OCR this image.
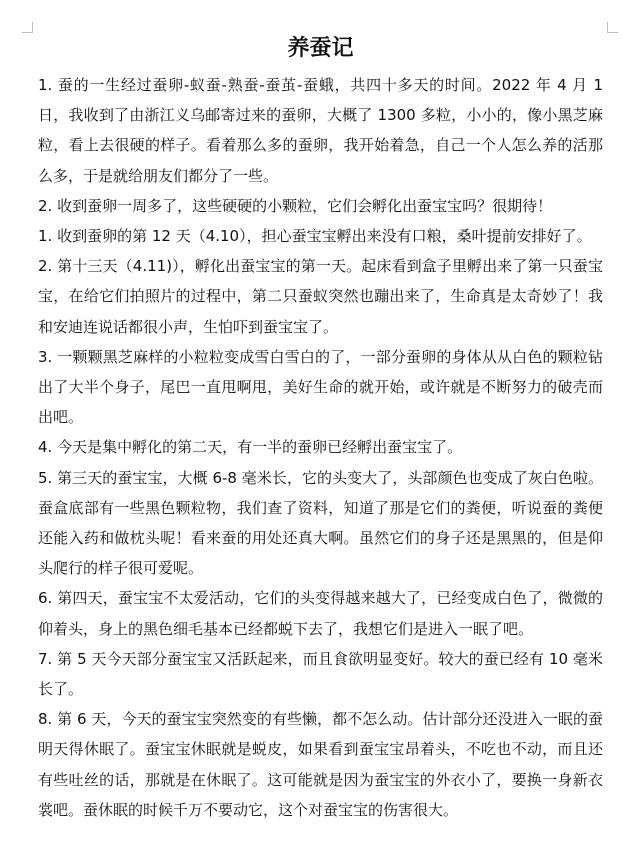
养蚕记

1. 蚕的一生经过蚕卵-蚁蚕-熟蚕-蚕茧-蚕蛾，共四十多天的时间。2022 年 4 月 1 日，我收到了由浙江义乌邮寄过来的蚕卵，大概了 1300 多粒，小小的，像小黑芝麻粒，看上去很硬的样子。看着那么多的蚕卵，我开始着急，自己一个人怎么养的活那么多，于是就给朋友们都分了一些。

2. 收到蚕卵一周多了，这些硬硬的小颗粒，它们会孵化出蚕宝宝吗？很期待！

1. 收到蚕卵的第 12 天（4.10），担心蚕宝宝孵出来没有口粮，桑叶提前安排好了。

2. 第十三天（4.11)），孵化出蚕宝宝的第一天。起床看到盒子里孵出来了第一只蚕宝宝，在给它们拍照片的过程中，第二只蚕蚁突然也蹦出来了，生命真是太奇妙了！我和安迪连说话都很小声，生怕吓到蚕宝宝了。

3. 一颗颗黑芝麻样的小粒粒变成雪白雪白的了，一部分蚕卵的身体从从白色的颗粒钻出了大半个身子，尾巴一直甩啊甩，美好生命的就开始，或许就是不断努力的破壳而出吧。

4. 今天是集中孵化的第二天，有一半的蚕卵已经孵出蚕宝宝了。

5. 第三天的蚕宝宝，大概 6-8 毫米长，它的头变大了，头部颜色也变成了灰白色啦。蚕盒底部有一些黑色颗粒物，我们查了资料，知道了那是它们的粪便，听说蚕的粪便还能入药和做枕头呢！看来蚕的用处还真大啊。虽然它们的身子还是黑黑的，但是仰头爬行的样子很可爱呢。

6. 第四天，蚕宝宝不太爱活动，它们的头变得越来越大了，已经变成白色了，微微的仰着头，身上的黑色细毛基本已经都蜕下去了，我想它们是进入一眠了吧。

7. 第 5 天今天部分蚕宝宝又活跃起来，而且食欲明显变好。较大的蚕已经有 10 毫米长了。

8. 第 6 天，今天的蚕宝宝突然变的有些懒，都不怎么动。估计部分还没进入一眠的蚕明天得休眠了。蚕宝宝休眠就是蜕皮，如果看到蚕宝宝昂着头，不吃也不动，而且还有些吐丝的话，那就是在休眠了。这可能就是因为蚕宝宝的外衣小了，要换一身新衣裳吧。蚕休眠的时候千万不要动它，这个对蚕宝宝的伤害很大。
